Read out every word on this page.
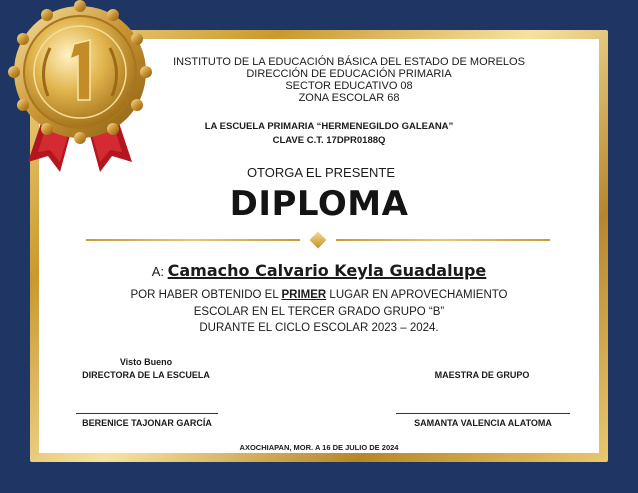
INSTITUTO DE LA EDUCACIÓN BÁSICA DEL ESTADO DE MORELOS

DIRECCIÓN DE EDUCACIÓN PRIMARIA

SECTOR EDUCATIVO 08

ZONA ESCOLAR 68

LA ESCUELA PRIMARIA “HERMENEGILDO GALEANA”

CLAVE C.T. 17DPR0188Q

OTORGA EL PRESENTE

DIPLOMA

A: Camacho Calvario Keyla Guadalupe

POR HABER OBTENIDO EL PRIMER LUGAR EN APROVECHAMIENTO

ESCOLAR EN EL TERCER GRADO GRUPO “B”

DURANTE EL CICLO ESCOLAR 2023 – 2024.

Visto Bueno
DIRECTORA DE LA ESCUELA
BERENICE TAJONAR GARCÍA
MAESTRA DE GRUPO
SAMANTA VALENCIA ALATOMA

AXOCHIAPAN, MOR. A 16 DE JULIO DE 2024
